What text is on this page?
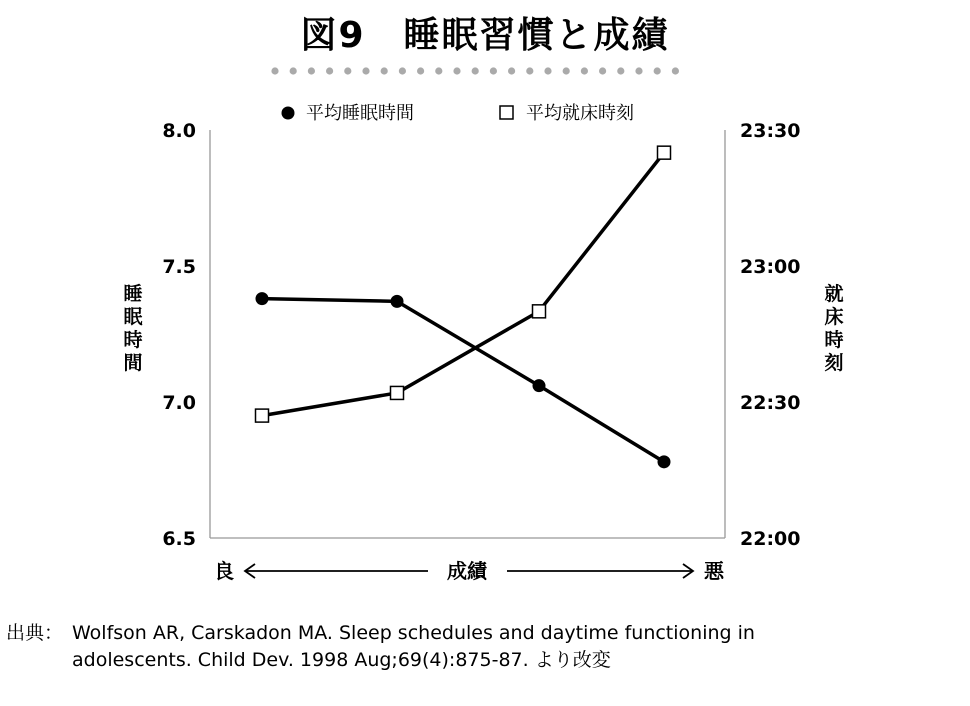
図9　睡眠習慣と成績
8.0
7.5
7.0
6.5
23:30
23:00
22:30
22:00
睡
眠
時
間
就
床
時
刻
良	成績	悪
平均睡眠時間	平均就床時刻
出典： Wolfson AR, Carskadon MA. Sleep schedules and daytime functioning in adolescents. Child Dev. 1998 Aug;69(4):875-87. より改変
